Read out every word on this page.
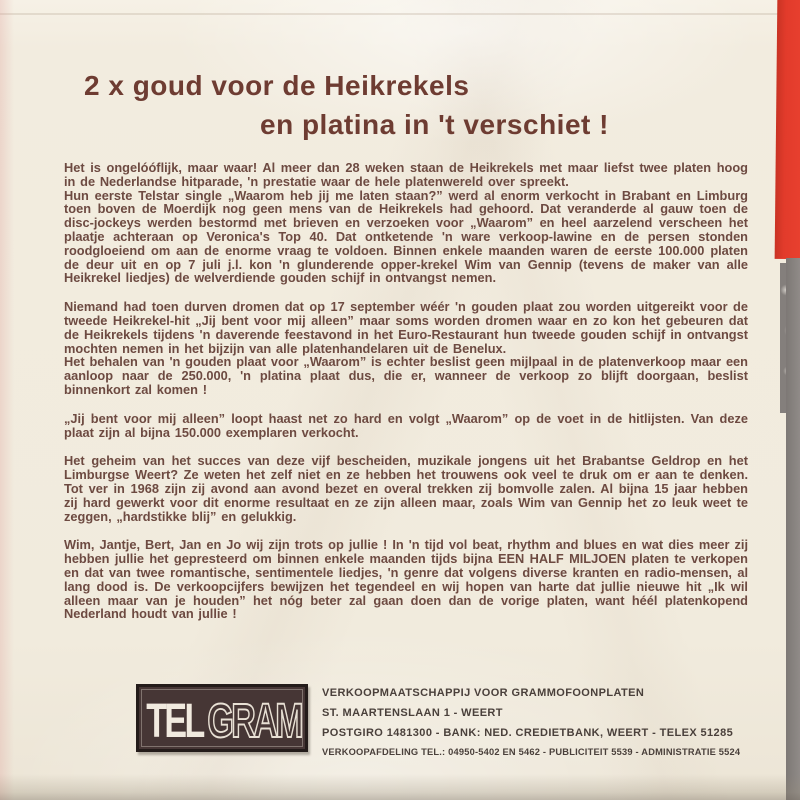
2 x goud voor de Heikrekels
en platina in 't verschiet !

Het is ongelóóflijk, maar waar! Al meer dan 28 weken staan de Heikrekels met maar liefst twee platen hoog in de Nederlandse hitparade, 'n prestatie waar de hele platenwereld over spreekt.

Hun eerste Telstar single „Waarom heb jij me laten staan?” werd al enorm verkocht in Brabant en Limburg toen boven de Moerdijk nog geen mens van de Heikrekels had gehoord. Dat veranderde al gauw toen de disc-jockeys werden bestormd met brieven en verzoeken voor „Waarom” en heel aarzelend verscheen het plaatje achteraan op Veronica's Top 40. Dat ontketende 'n ware verkoop-lawine en de persen stonden roodgloeiend om aan de enorme vraag te voldoen. Binnen enkele maanden waren de eerste 100.000 platen de deur uit en op 7 juli j.l. kon 'n glunderende opper-krekel Wim van Gennip (tevens de maker van alle Heikrekel liedjes) de welverdiende gouden schijf in ontvangst nemen.

Niemand had toen durven dromen dat op 17 september wéér 'n gouden plaat zou worden uitgereikt voor de tweede Heikrekel-hit „Jij bent voor mij alleen” maar soms worden dromen waar en zo kon het gebeuren dat de Heikrekels tijdens 'n daverende feestavond in het Euro-Restaurant hun tweede gouden schijf in ontvangst mochten nemen in het bijzijn van alle platenhandelaren uit de Benelux.

Het behalen van 'n gouden plaat voor „Waarom” is echter beslist geen mijlpaal in de platenverkoop maar een aanloop naar de 250.000, 'n platina plaat dus, die er, wanneer de verkoop zo blijft doorgaan, beslist binnenkort zal komen !

„Jij bent voor mij alleen” loopt haast net zo hard en volgt „Waarom” op de voet in de hitlijsten. Van deze plaat zijn al bijna 150.000 exemplaren verkocht.

Het geheim van het succes van deze vijf bescheiden, muzikale jongens uit het Brabantse Geldrop en het Limburgse Weert? Ze weten het zelf niet en ze hebben het trouwens ook veel te druk om er aan te denken. Tot ver in 1968 zijn zij avond aan avond bezet en overal trekken zij bomvolle zalen. Al bijna 15 jaar hebben zij hard gewerkt voor dit enorme resultaat en ze zijn alleen maar, zoals Wim van Gennip het zo leuk weet te zeggen, „hardstikke blij” en gelukkig.

Wim, Jantje, Bert, Jan en Jo wij zijn trots op jullie ! In 'n tijd vol beat, rhythm and blues en wat dies meer zij hebben jullie het gepresteerd om binnen enkele maanden tijds bijna EEN HALF MILJOEN platen te verkopen en dat van twee romantische, sentimentele liedjes, 'n genre dat volgens diverse kranten en radio-mensen, al lang dood is. De verkoopcijfers bewijzen het tegendeel en wij hopen van harte dat jullie nieuwe hit „Ik wil alleen maar van je houden” het nóg beter zal gaan doen dan de vorige platen, want héél platenkopend Nederland houdt van jullie !

TEL GRAM VERKOOPMAATSCHAPPIJ VOOR GRAMMOFOONPLATEN
ST. MAARTENSLAAN 1 - WEERT
POSTGIRO 1481300 - BANK: NED. CREDIETBANK, WEERT - TELEX 51285
VERKOOPAFDELING TEL.: 04950-5402 EN 5462 - PUBLICITEIT 5539 - ADMINISTRATIE 5524
